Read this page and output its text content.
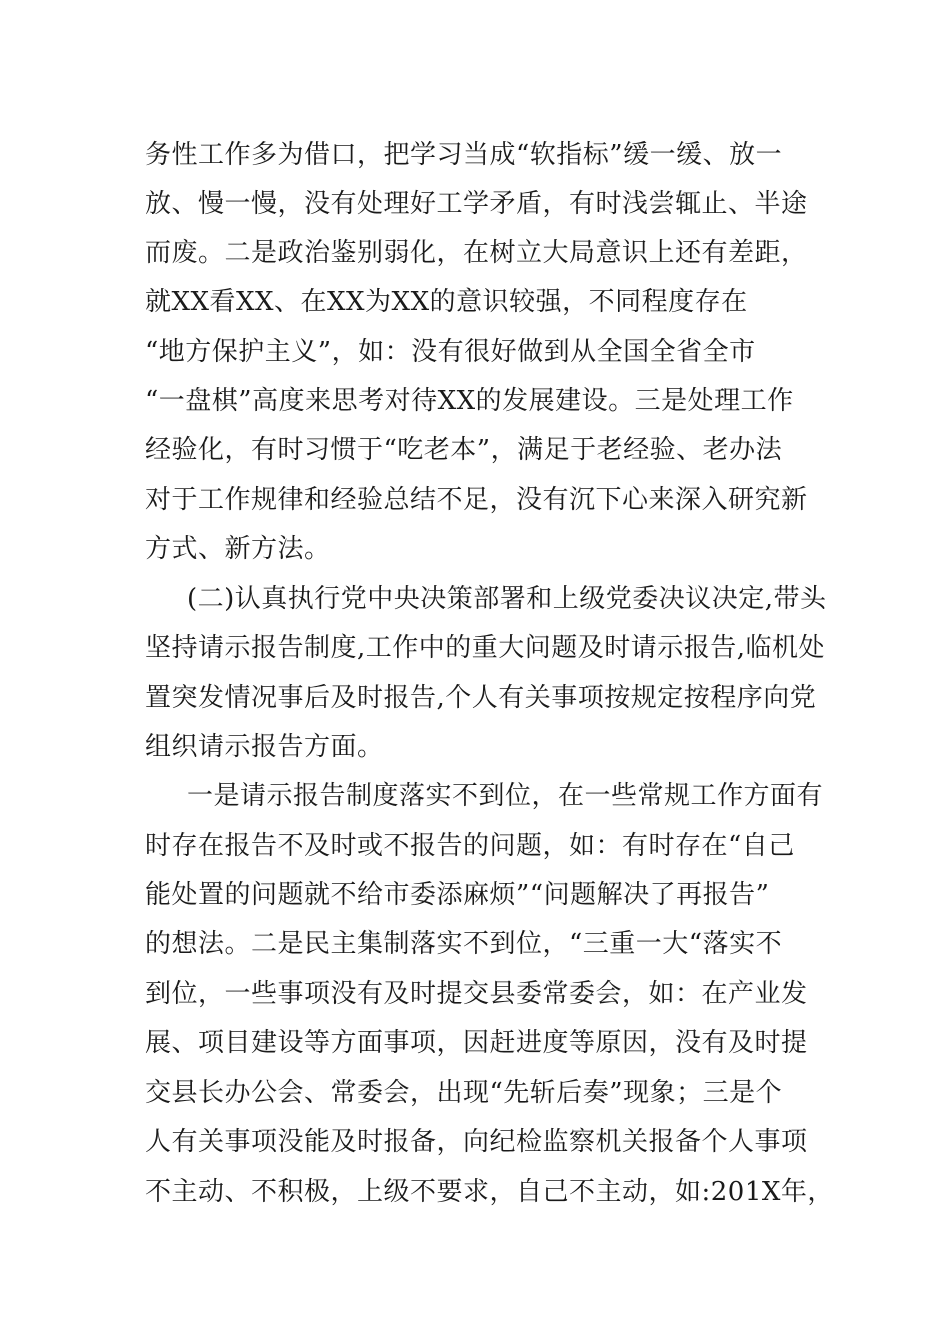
务性工作多为借口，把学习当成“软指标”缓一缓、放一
放、慢一慢，没有处理好工学矛盾，有时浅尝辄止、半途
而废。二是政治鉴别弱化，在树立大局意识上还有差距，
就XX看XX、在XX为XX的意识较强，不同程度存在
“地方保护主义”，如：没有很好做到从全国全省全市
“一盘棋”高度来思考对待XX的发展建设。三是处理工作
经验化，有时习惯于“吃老本”，满足于老经验、老办法
对于工作规律和经验总结不足，没有沉下心来深入研究新
方式、新方法。
(二)认真执行党中央决策部署和上级党委决议决定,带头
坚持请示报告制度,工作中的重大问题及时请示报告,临机处
置突发情况事后及时报告,个人有关事项按规定按程序向党
组织请示报告方面。
一是请示报告制度落实不到位，在一些常规工作方面有
时存在报告不及时或不报告的问题，如：有时存在“自己
能处置的问题就不给市委添麻烦”“问题解决了再报告”
的想法。二是民主集制落实不到位，“三重一大“落实不
到位，一些事项没有及时提交县委常委会，如：在产业发
展、项目建设等方面事项，因赶进度等原因，没有及时提
交县长办公会、常委会，出现“先斩后奏”现象；三是个
人有关事项没能及时报备，向纪检监察机关报备个人事项
不主动、不积极，上级不要求，自己不主动，如:201X年，
